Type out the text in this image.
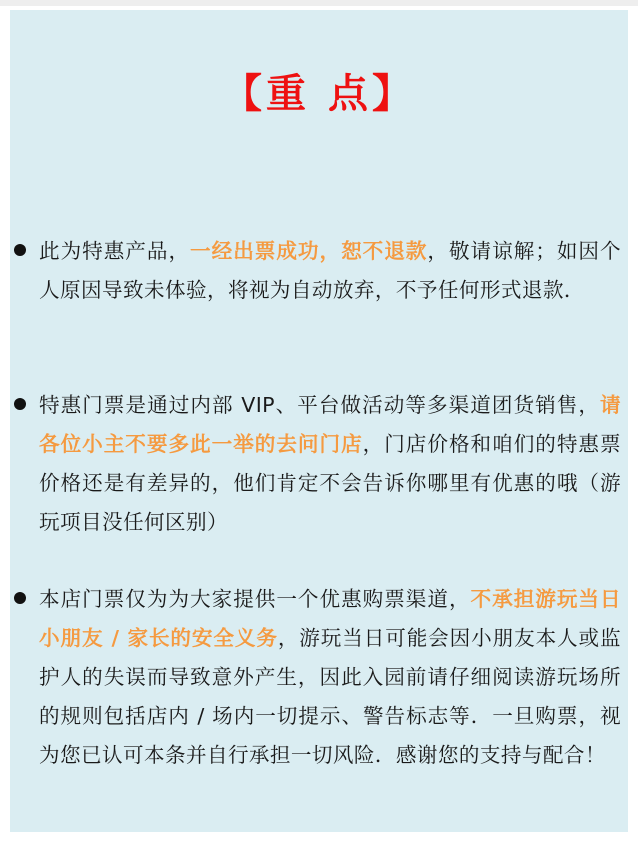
【重 点】

此为特惠产品，一经出票成功，恕不退款，敬请谅解；如因个人原因导致未体验，将视为自动放弃，不予任何形式退款．

特惠门票是通过内部 VIP、平台做活动等多渠道团货销售，请各位小主不要多此一举的去问门店，门店价格和咱们的特惠票价格还是有差异的，他们肯定不会告诉你哪里有优惠的哦（游玩项目没任何区别）

本店门票仅为为大家提供一个优惠购票渠道，不承担游玩当日小朋友 / 家长的安全义务，游玩当日可能会因小朋友本人或监护人的失误而导致意外产生，因此入园前请仔细阅读游玩场所的规则包括店内 / 场内一切提示、警告标志等．一旦购票，视为您已认可本条并自行承担一切风险．感谢您的支持与配合！
